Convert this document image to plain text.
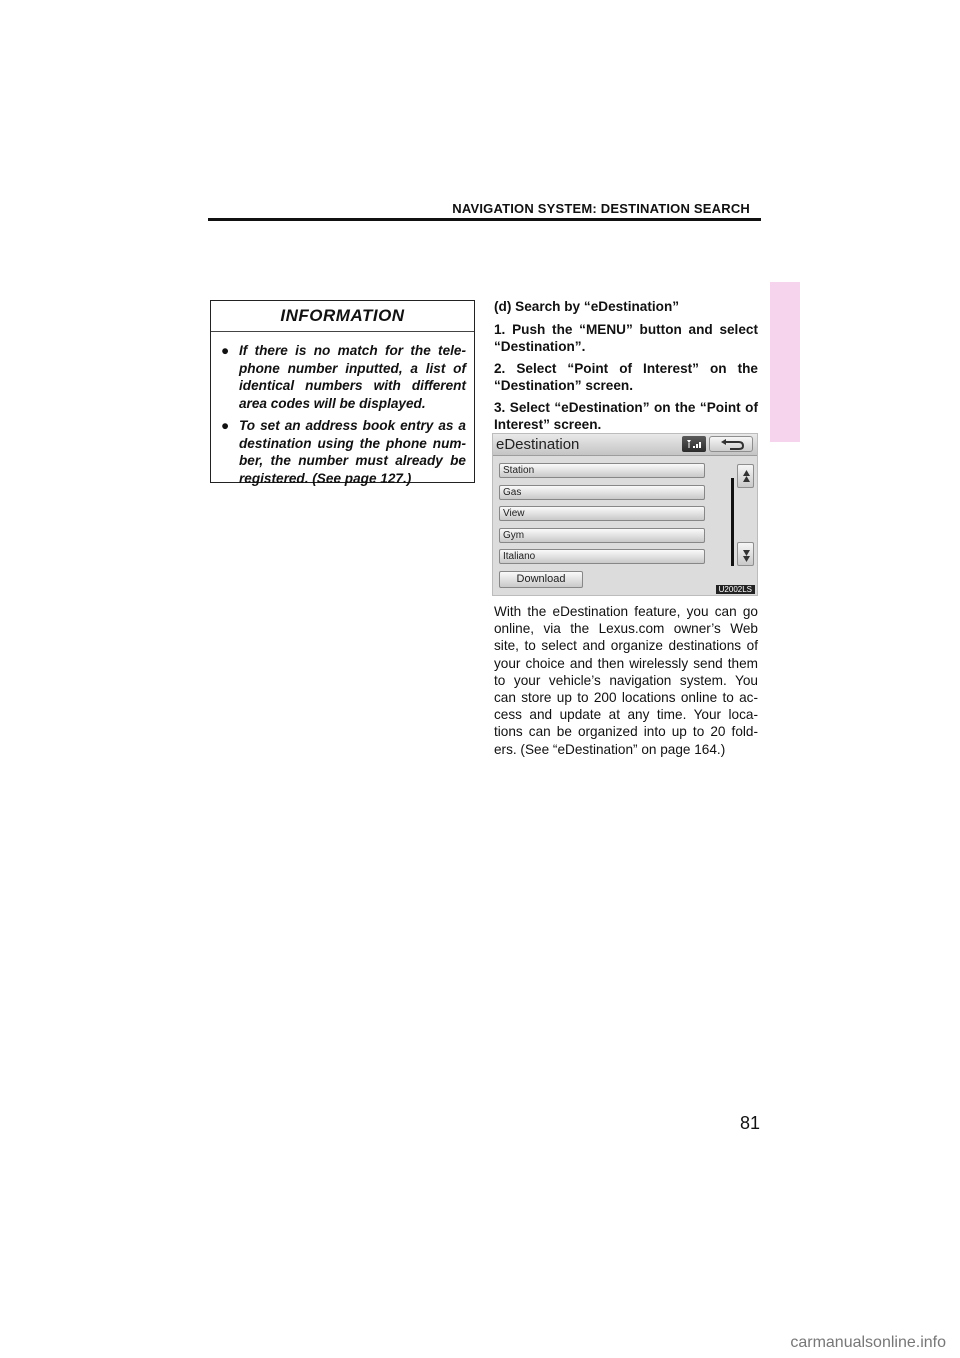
NAVIGATION SYSTEM: DESTINATION SEARCH
INFORMATION
● If there is no match for the tele-phone number inputted, a list of identical numbers with different area codes will be displayed.
● To set an address book entry as a destination using the phone num-ber, the number must already be registered. (See page 127.)

(d) Search by “eDestination”

1. Push the “MENU” button and select “Destination”.

2. Select “Point of Interest” on the “Destination” screen.

3. Select “eDestination” on the “Point of Interest” screen.

eDestination
Station
Gas
View
Gym
Italiano
Download
U2002LS

With the eDestination feature, you can go online, via the Lexus.com owner’s Web site, to select and organize destinations of your choice and then wirelessly send them to your vehicle’s navigation system. You can store up to 200 locations online to ac-cess and update at any time. Your loca-tions can be organized into up to 20 fold-ers. (See “eDestination” on page 164.)

81
carmanualsonline.info
